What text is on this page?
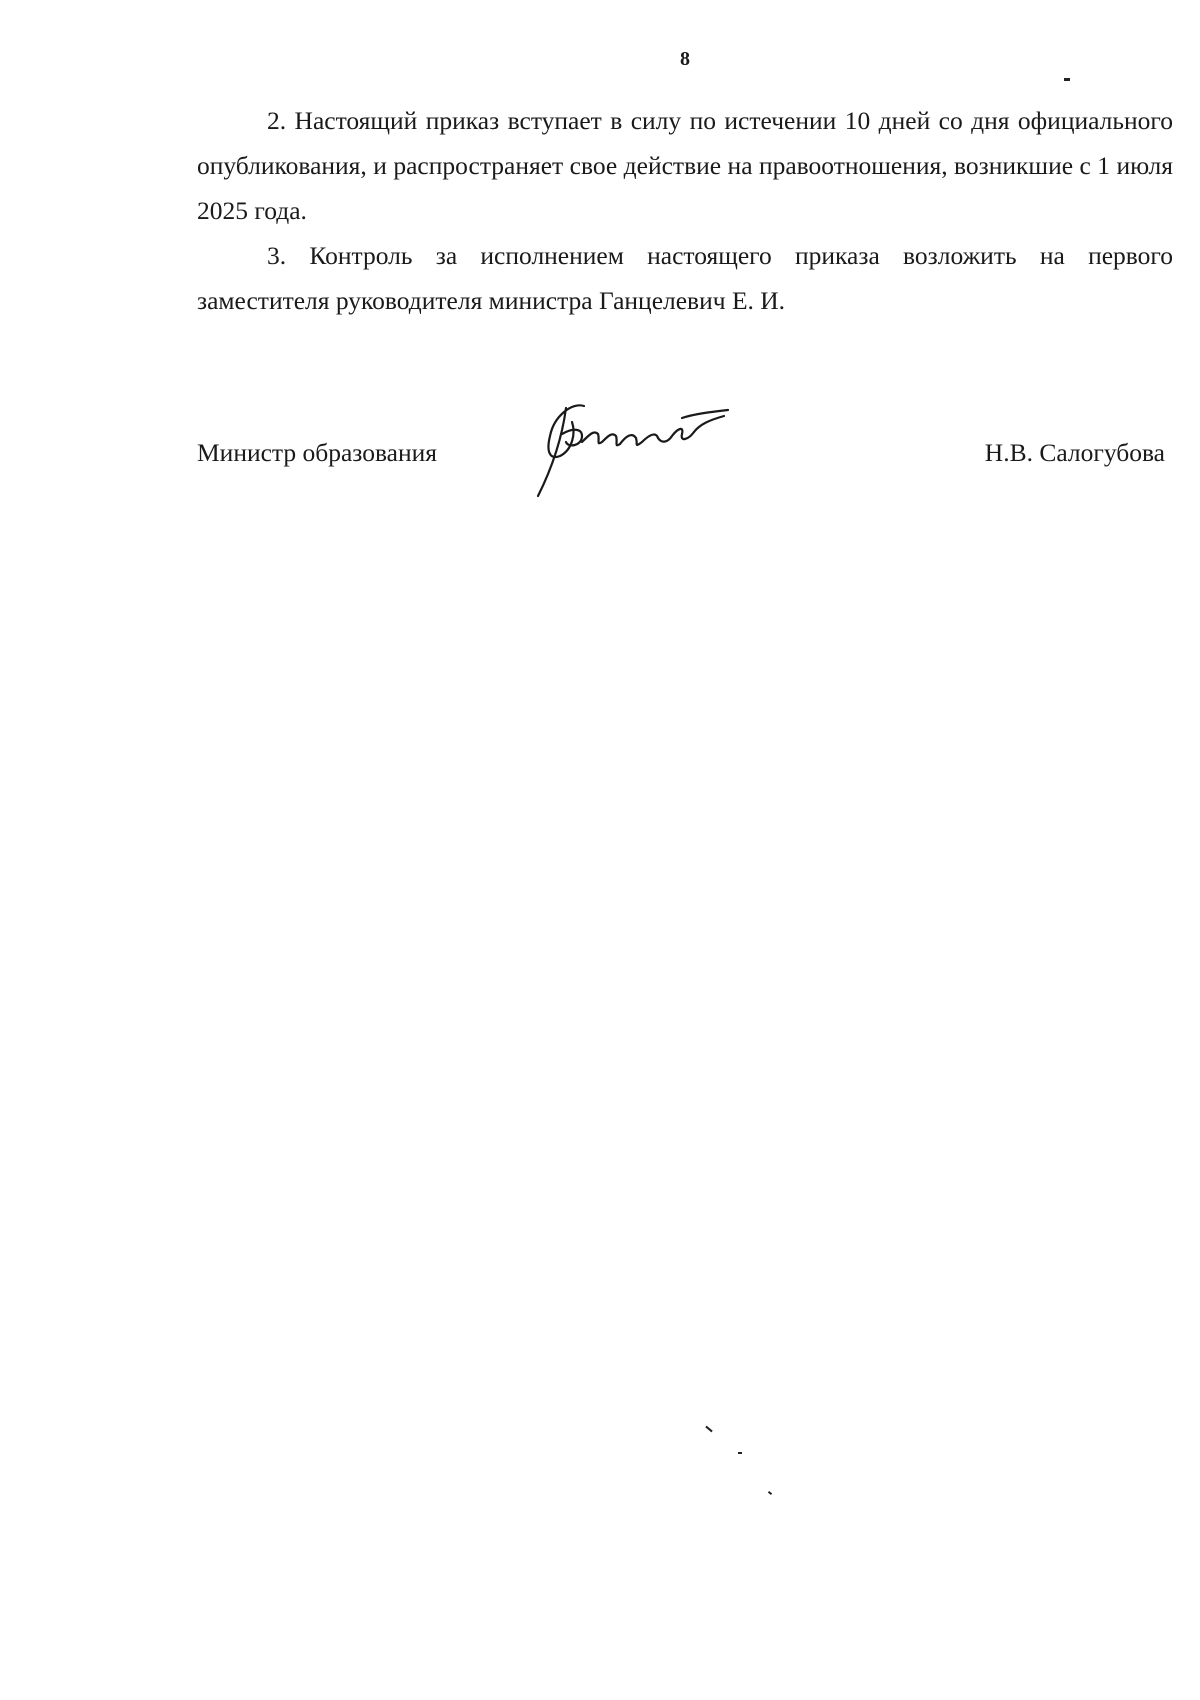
8

2. Настоящий приказ вступает в силу по истечении 10 дней со дня официального опубликования, и распространяет свое действие на правоотношения, возникшие с 1 июля 2025 года.

3. Контроль за исполнением настоящего приказа возложить на первого заместителя руководителя министра Ганцелевич Е. И.

Министр образования	Н.В. Салогубова
